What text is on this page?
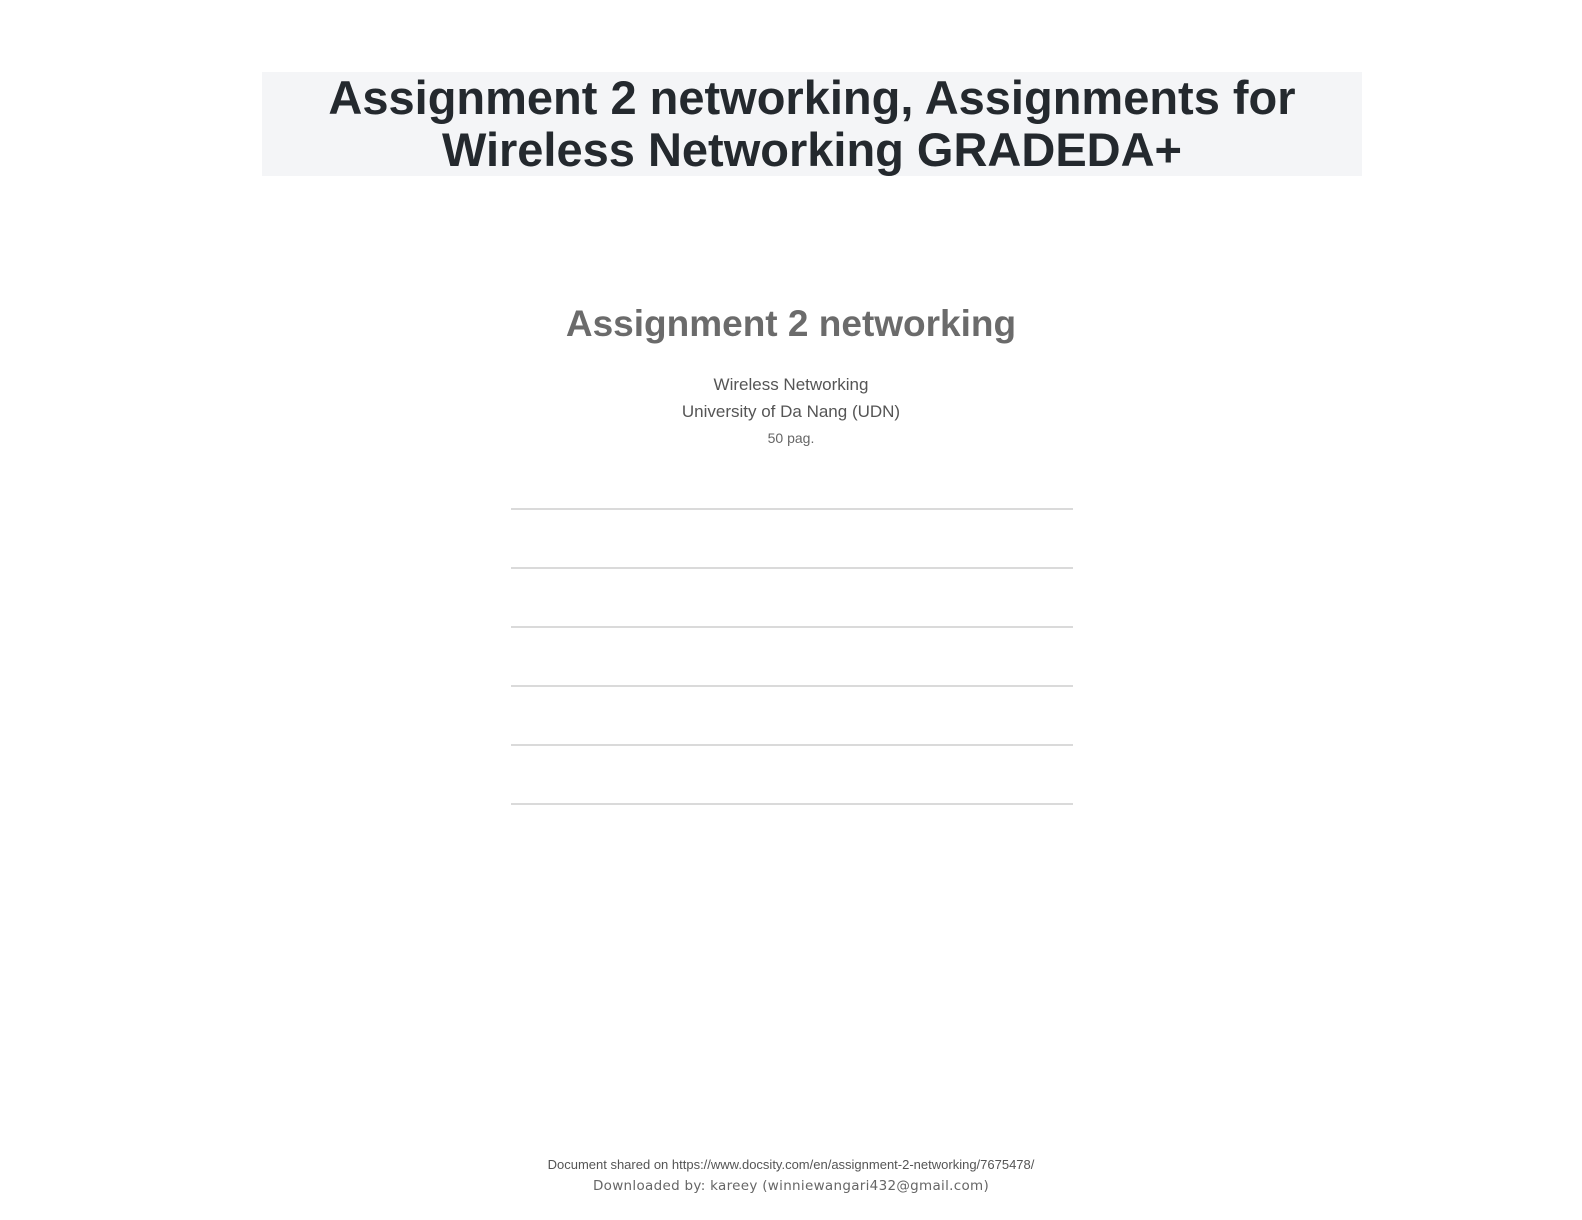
Assignment 2 networking, Assignments for
Wireless Networking GRADEDA+
Assignment 2 networking
Wireless Networking
University of Da Nang (UDN)
50 pag.
Document shared on https://www.docsity.com/en/assignment-2-networking/7675478/
Downloaded by: kareey (winniewangari432@gmail.com)
